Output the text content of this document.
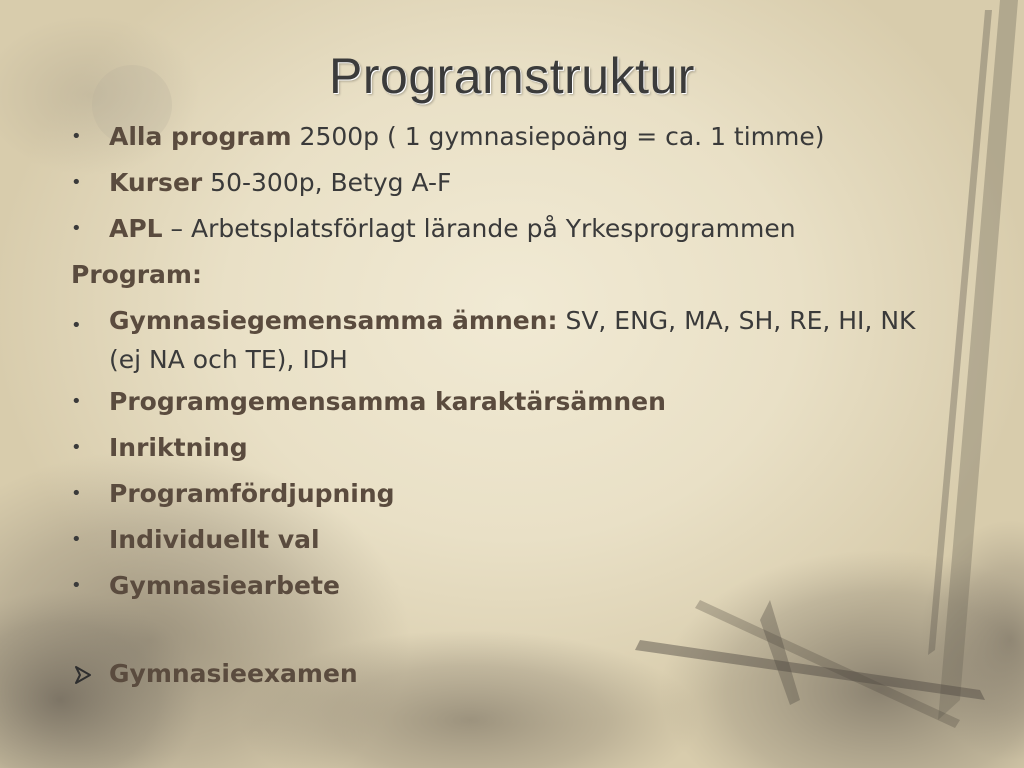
Programstruktur
•	Alla program 2500p ( 1 gymnasiepoäng = ca. 1 timme)
•	Kurser 50-300p, Betyg A-F
•	APL – Arbetsplatsförlagt lärande på Yrkesprogrammen
Program:
•	Gymnasiegemensamma ämnen: SV, ENG, MA, SH, RE, HI, NK (ej NA och TE), IDH
•	Programgemensamma karaktärsämnen
•	Inriktning
•	Programfördjupning
•	Individuellt val
•	Gymnasiearbete
Gymnasieexamen
